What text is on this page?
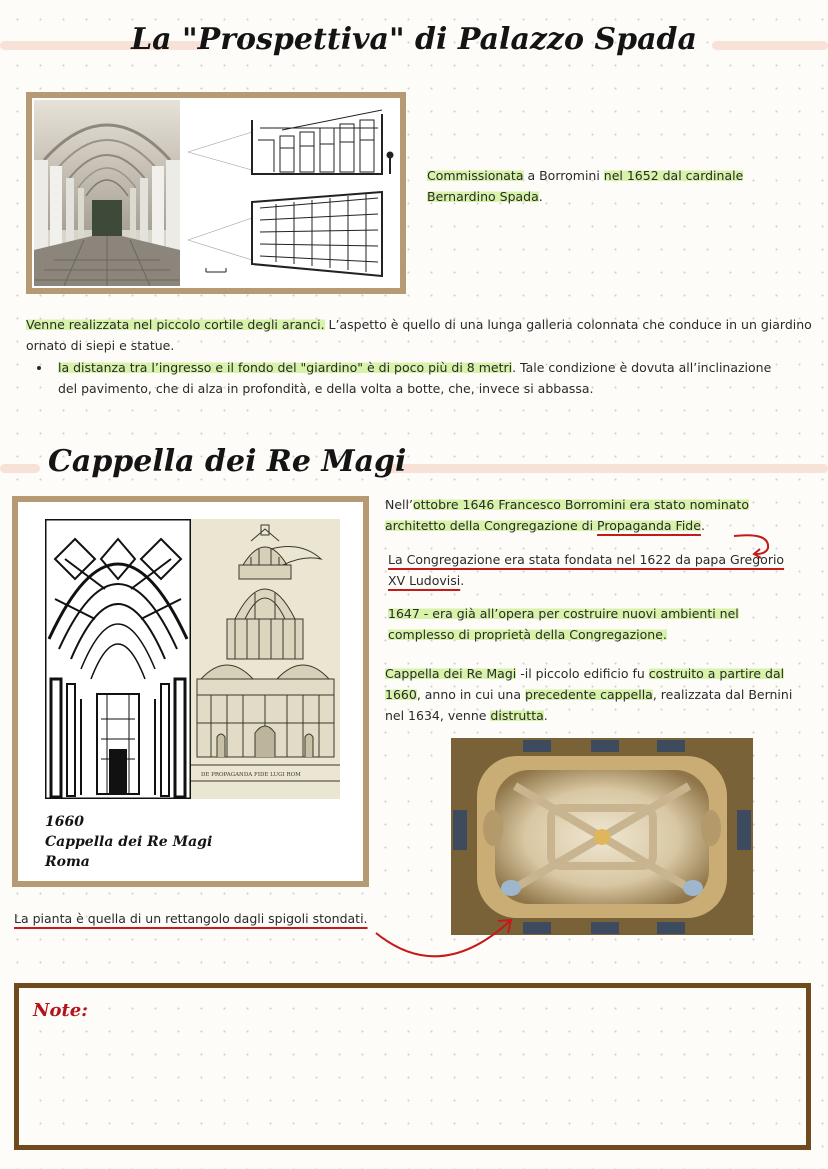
La "Prospettiva" di Palazzo Spada
Commissionata a Borromini nel 1652 dal cardinale Bernardino Spada.
Venne realizzata nel piccolo cortile degli aranci. L’aspetto è quello di una lunga galleria colonnata che conduce in un giardino ornato di siepi e statue.
• la distanza tra l’ingresso e il fondo del "giardino" è di poco più di 8 metri. Tale condizione è dovuta all’inclinazione del pavimento, che di alza in profondità, e della volta a botte, che, invece si abbassa.
Cappella dei Re Magi
DE PROPAGANDA FIDE LUGI ROM
1660
Cappella dei Re Magi
Roma
Nell’ottobre 1646 Francesco Borromini era stato nominato architetto della Congregazione di Propaganda Fide.
La Congregazione era stata fondata nel 1622 da papa Gregorio XV Ludovisi.
1647 - era già all’opera per costruire nuovi ambienti nel complesso di proprietà della Congregazione.
Cappella dei Re Magi -il piccolo edificio fu costruito a partire dal 1660, anno in cui una precedente cappella, realizzata dal Bernini nel 1634, venne distrutta.
La pianta è quella di un rettangolo dagli spigoli stondati.
Note:
